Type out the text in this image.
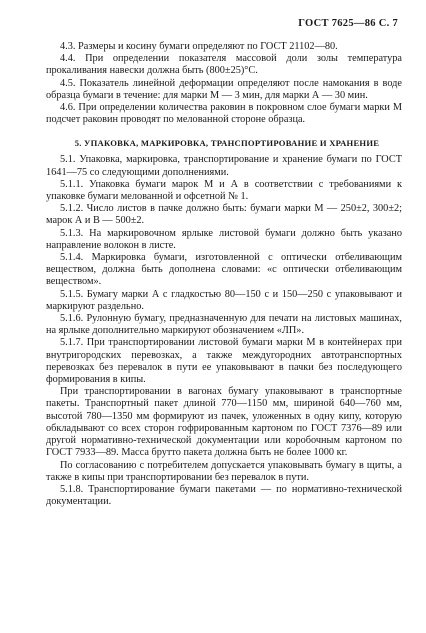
ГОСТ 7625—86 С. 7

4.3. Размеры и косину бумаги определяют по ГОСТ 21102—80.

4.4. При определении показателя массовой доли золы температура прокаливания навески должна быть (800±25)°С.

4.5. Показатель линейной деформации определяют после намокания в воде образца бумаги в течение: для марки М — 3 мин, для марки А — 30 мин.

4.6. При определении количества раковин в покровном слое бумаги марки М подсчет раковин проводят по мелованной стороне образца.

5. УПАКОВКА, МАРКИРОВКА, ТРАНСПОРТИРОВАНИЕ И ХРАНЕНИЕ

5.1. Упаковка, маркировка, транспортирование и хранение бумаги по ГОСТ 1641—75 со следующими дополнениями.

5.1.1. Упаковка бумаги марок М и А в соответствии с требованиями к упаковке бумаги мелованной и офсетной № 1.

5.1.2. Число листов в пачке должно быть: бумаги марки М — 250±2, 300±2; марок А и В — 500±2.

5.1.3. На маркировочном ярлыке листовой бумаги должно быть указано направление волокон в листе.

5.1.4. Маркировка бумаги, изготовленной с оптически отбеливающим веществом, должна быть дополнена словами: «с оптически отбеливающим веществом».

5.1.5. Бумагу марки А с гладкостью 80—150 с и 150—250 с упаковывают и маркируют раздельно.

5.1.6. Рулонную бумагу, предназначенную для печати на листовых машинах, на ярлыке дополнительно маркируют обозначением «ЛП».

5.1.7. При транспортировании листовой бумаги марки М в контейнерах при внутригородских перевозках, а также междугородних автотранспортных перевозках без перевалок в пути ее упаковывают в пачки без последующего формирования в кипы.

При транспортировании в вагонах бумагу упаковывают в транспортные пакеты. Транспортный пакет длиной 770—1150 мм, шириной 640—760 мм, высотой 780—1350 мм формируют из пачек, уложенных в одну кипу, которую обкладывают со всех сторон гофрированным картоном по ГОСТ 7376—89 или другой нормативно-технической документации или коробочным картоном по ГОСТ 7933—89. Масса брутто пакета должна быть не более 1000 кг.

По согласованию с потребителем допускается упаковывать бумагу в щиты, а также в кипы при транспортировании без перевалок в пути.

5.1.8. Транспортирование бумаги пакетами — по нормативно-технической документации.
